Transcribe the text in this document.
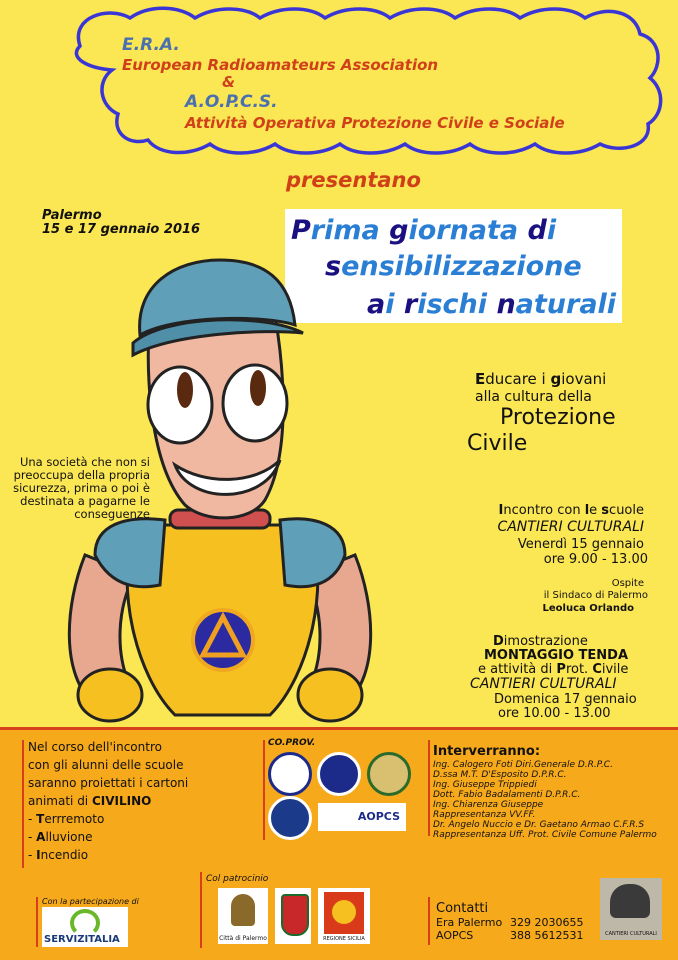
E.R.A.
European Radioamateurs Association
&
A.O.P.C.S.
Attività Operativa Protezione Civile e Sociale
presentano
Palermo
15 e 17 gennaio 2016	Prima giornata di
sensibilizzazione
ai rischi naturali
Una società che non si preoccupa della propria sicurezza, prima o poi è destinata a pagarne le conseguenze
Educare i giovani
alla cultura della
Protezione
Civile
Incontro con le scuole
CANTIERI CULTURALI
Venerdì 15 gennaio
ore 9.00 - 13.00
Ospite
il Sindaco di Palermo
Leoluca Orlando
Dimostrazione
MONTAGGIO TENDA
e attività di Prot. Civile
CANTIERI CULTURALI
Domenica 17 gennaio
ore 10.00 - 13.00
Nel corso dell'incontro
con gli alunni delle scuole
saranno proiettati i cartoni
animati di CIVILINO
- Terrremoto
- Alluvione
- Incendio
CO.PROV.
AOPCS
Interverranno:
Ing. Calogero Foti Diri.Generale D.R.P.C.
D.ssa M.T. D'Esposito D.P.R.C.
Ing. Giuseppe Trippiedi
Dott. Fabio Badalamenti D.P.R.C.
Ing. Chiarenza Giuseppe
Rappresentanza VV.FF.
Dr. Angelo Nuccio e Dr. Gaetano Armao C.F.R.S
Rappresentanza Uff. Prot. Civile Comune Palermo
Con la partecipazione di
SERVIZITALIA
Col patrocinio
Città di Palermo	REGIONE SICILIA
Contatti
Era Palermo 329 2030655
AOPCS	388 5612531	CANTIERI CULTURALI
